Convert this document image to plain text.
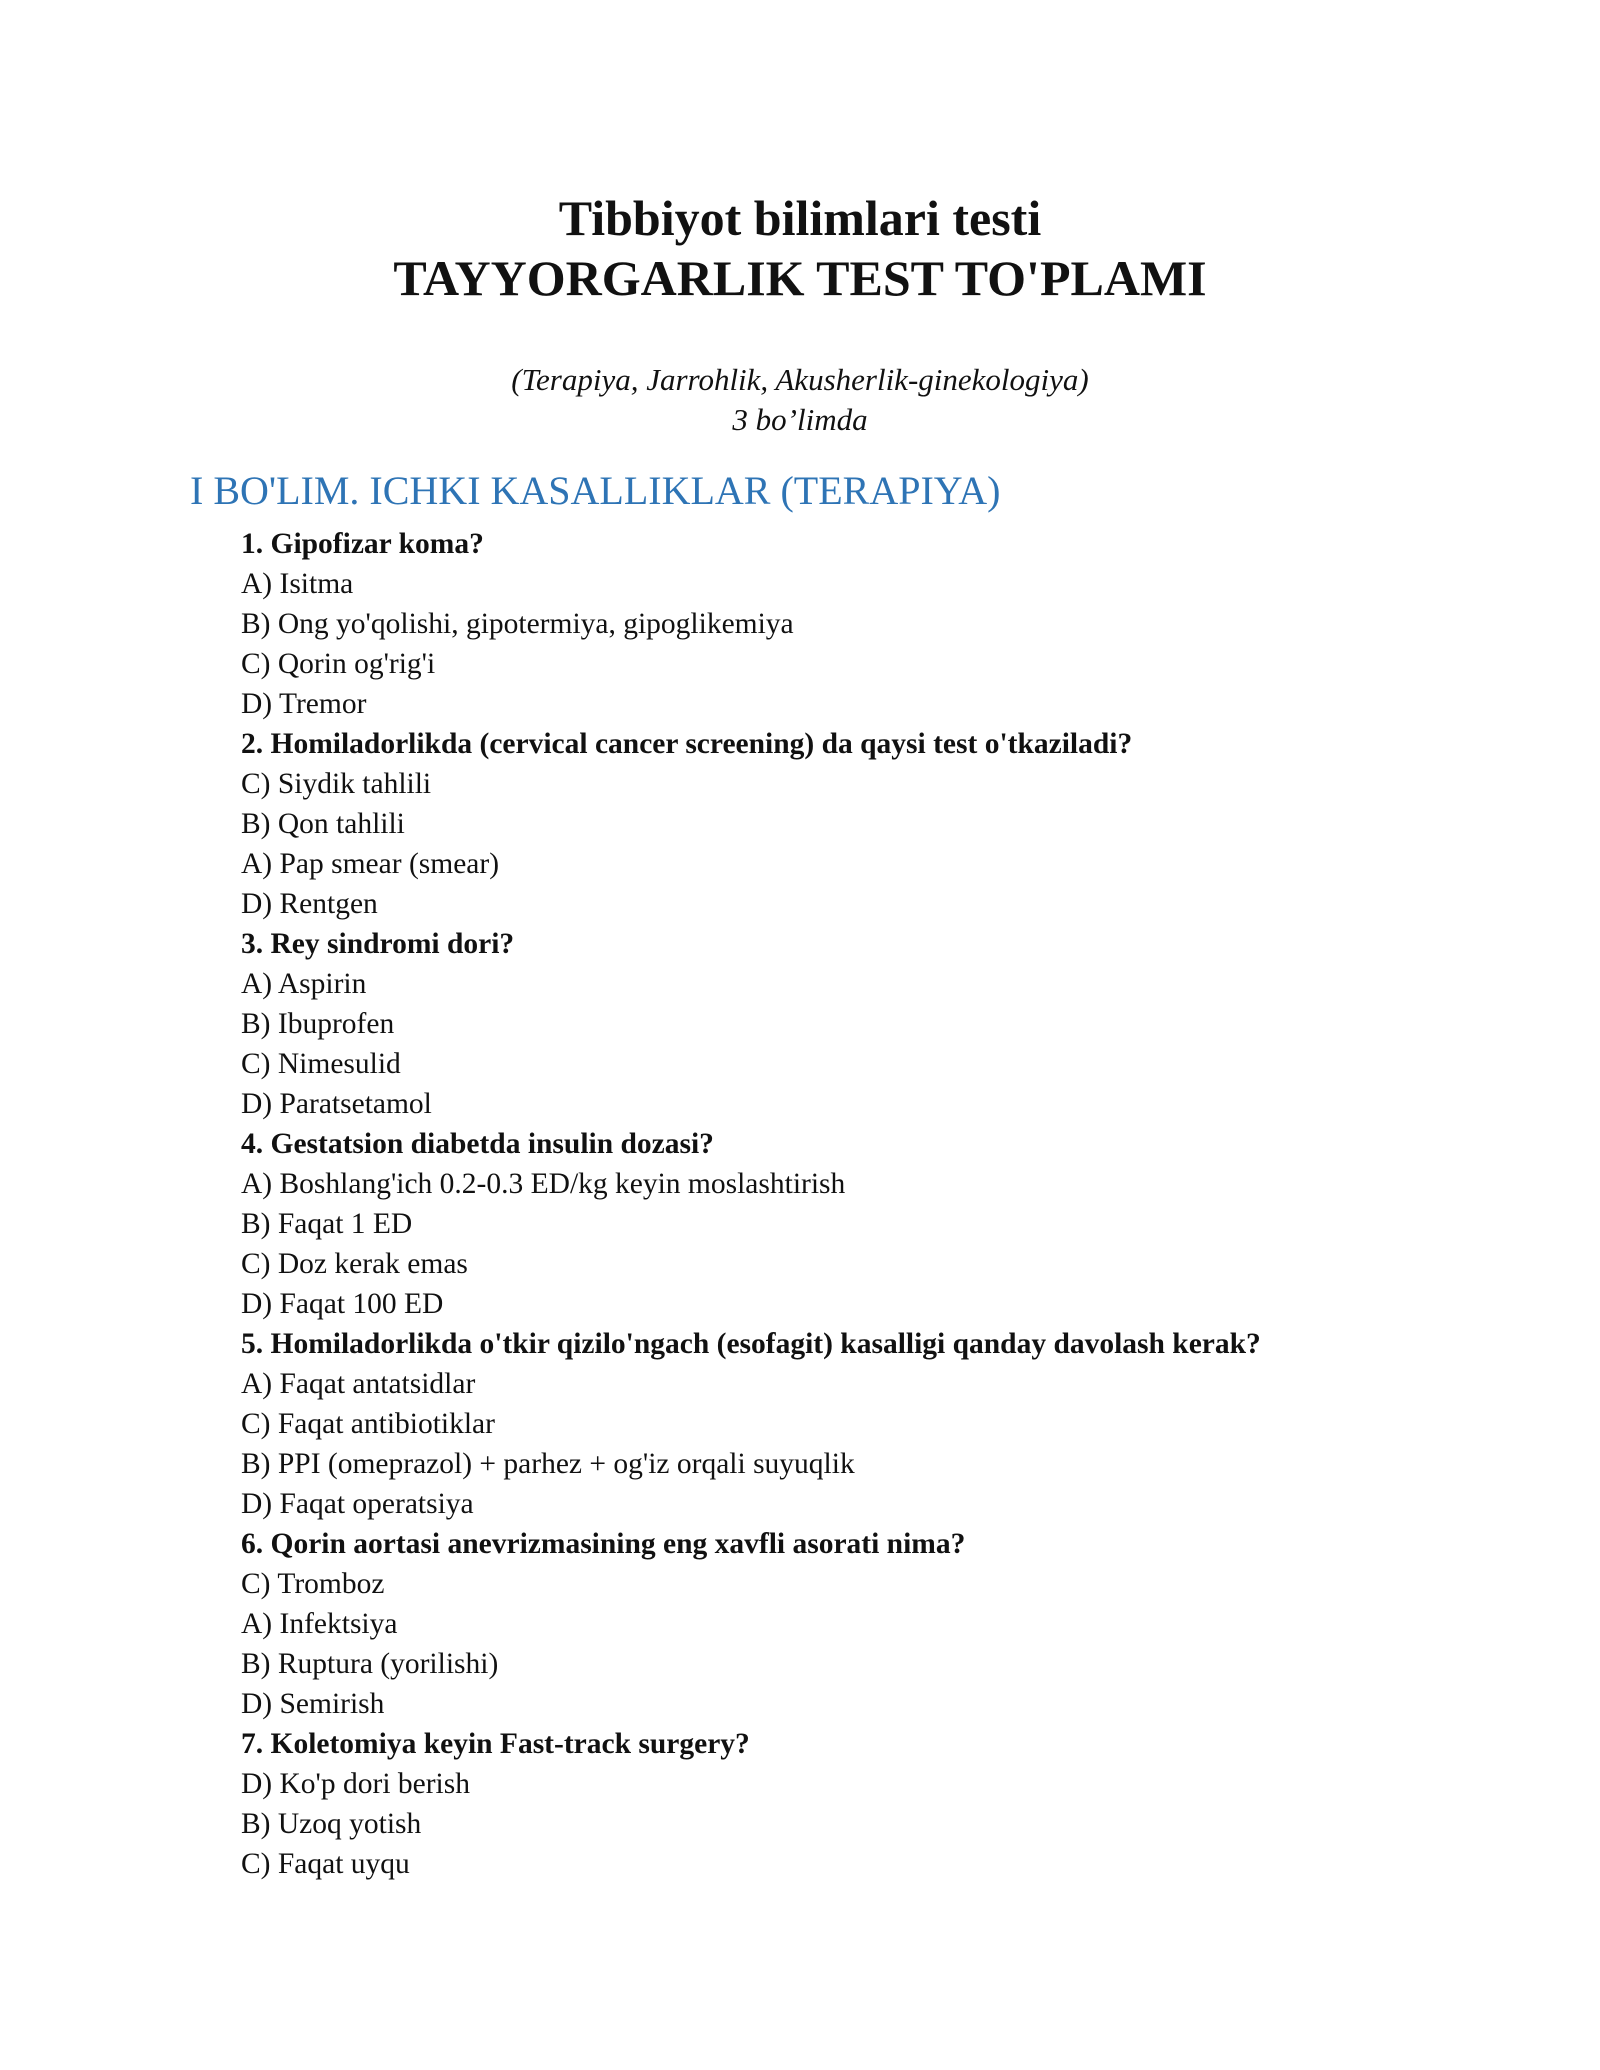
Tibbiyot bilimlari testi
TAYYORGARLIK TEST TO'PLAMI
(Terapiya, Jarrohlik, Akusherlik-ginekologiya)
3 bo’limda
I BO'LIM. ICHKI KASALLIKLAR (TERAPIYA)
1. Gipofizar koma?
A) Isitma
B) Ong yo'qolishi, gipotermiya, gipoglikemiya
C) Qorin og'rig'i
D) Tremor
2. Homiladorlikda (cervical cancer screening) da qaysi test o'tkaziladi?
C) Siydik tahlili
B) Qon tahlili
A) Pap smear (smear)
D) Rentgen
3. Rey sindromi dori?
A) Aspirin
B) Ibuprofen
C) Nimesulid
D) Paratsetamol
4. Gestatsion diabetda insulin dozasi?
A) Boshlang'ich 0.2-0.3 ED/kg keyin moslashtirish
B) Faqat 1 ED
C) Doz kerak emas
D) Faqat 100 ED
5. Homiladorlikda o'tkir qizilo'ngach (esofagit) kasalligi qanday davolash kerak?
A) Faqat antatsidlar
C) Faqat antibiotiklar
B) PPI (omeprazol) + parhez + og'iz orqali suyuqlik
D) Faqat operatsiya
6. Qorin aortasi anevrizmasining eng xavfli asorati nima?
C) Tromboz
A) Infektsiya
B) Ruptura (yorilishi)
D) Semirish
7. Koletomiya keyin Fast-track surgery?
D) Ko'p dori berish
B) Uzoq yotish
C) Faqat uyqu
